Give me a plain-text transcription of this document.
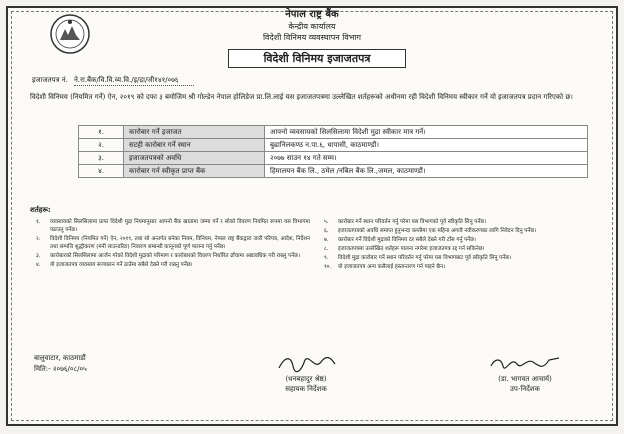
नेपाल राष्ट्र बैंक
केन्द्रीय कार्यालय
विदेशी विनिमय व्यवस्थापन विभाग
विदेशी विनिमय इजाजतपत्र
इजाजतपत्र नं. ने.रा.बैंक/वि.वि.व्य.वि./इ/द्रा/जी१४१/०७६
विदेशी विनिमय (नियमित गर्ने) ऐन, २०१९ को दफा ३ बमोजिम श्री गोल्डेन नेपाल होलिडेज प्रा.लि.लाई यस इजाजतपत्रमा उल्लेखित शर्तहरूको अधीनमा रही विदेशी विनिमय स्वीकार गर्ने यो इजाजतपत्र प्रदान गरिएको छ।
१.	कारोबार गर्ने इजाजत	आफ्नो व्यवसायको सिलसिलामा विदेशी मुद्रा स्वीकार मात्र गर्ने।
२.	सटही कारोबार गर्ने स्थान	बुढानिलकण्ठ न.पा.६, धापासी, काठमाण्डौं।
३.	इजाजतपत्रको अवधि	२०७७ साउन १४ गते सम्म।
४.	कारोबार गर्न स्वीकृत प्राप्त बैंक	हिमालयन बैंक लि., ठमेल /नबिल बैंक लि.,जमल, काठमाण्डौं।
शर्तहरू:
१.	व्यवसायको सिलसिलामा प्राप्त विदेशी मुद्रा नियमानुसार आफ्नो बैंक खातामा जम्मा गर्ने र सोको विवरण नियमित रूपमा यस विभागमा पठाउनु पर्नेछ।
२.	विदेशी विनिमय (नियमित गर्ने) ऐन, २०१९, तथा सो अन्तर्गत बनेका नियम, विनियम, नेपाल राष्ट्र बैंकद्वारा जारी परिपत्र, आदेश, निर्देशन तथा सम्पत्ति शुद्धीकरण (मनी लाउन्डरिङ) निवारण सम्बन्धी कानूनको पूर्ण पालना गर्नु पर्नेछ।
३.	कारोबारको सिलसिलामा आर्जन गरेको विदेशी मुद्राको परिमाण र कारोबारको विवरण निर्धारित ढाँचामा अद्यावधिक गरी राख्नु पर्नेछ।
४.	यो इजाजतपत्र व्यवसाय सञ्चालन गर्ने ठाउँमा सबैले देख्ने गरी राख्नु पर्नेछ।
५.	कारोबार गर्ने स्थान परिवर्तन गर्नु परेमा यस विभागको पूर्व स्वीकृति लिनु पर्नेछ।
६.	इजाजतपत्रको अवधि समाप्त हुनुभन्दा कम्तीमा एक महिना अगावै नवीकरणका लागि निवेदन दिनु पर्नेछ।
७.	कारोबार गर्ने विदेशी मुद्राको विनिमय दर सबैले देख्ने गरी टाँस गर्नु पर्नेछ।
८.	इजाजतपत्रमा उल्लेखित शर्तहरू पालना नगरेमा इजाजतपत्र रद्द गर्न सकिनेछ।
९.	विदेशी मुद्रा कारोबार गर्ने स्थान परिवर्तन गर्नु परेमा यस विभागबाट पूर्व स्वीकृति लिनु पर्नेछ।
१०.	यो इजाजतपत्र अन्य कसैलाई हस्तान्तरण गर्न पाइने छैन।
बालुवाटार, काठमाडौं
मिति:- २०७६/०८/०५
(धनबहादुर श्रेष्ठ)
सहायक निर्देशक
(डा. भागवत आचार्य)
उप-निर्देशक
